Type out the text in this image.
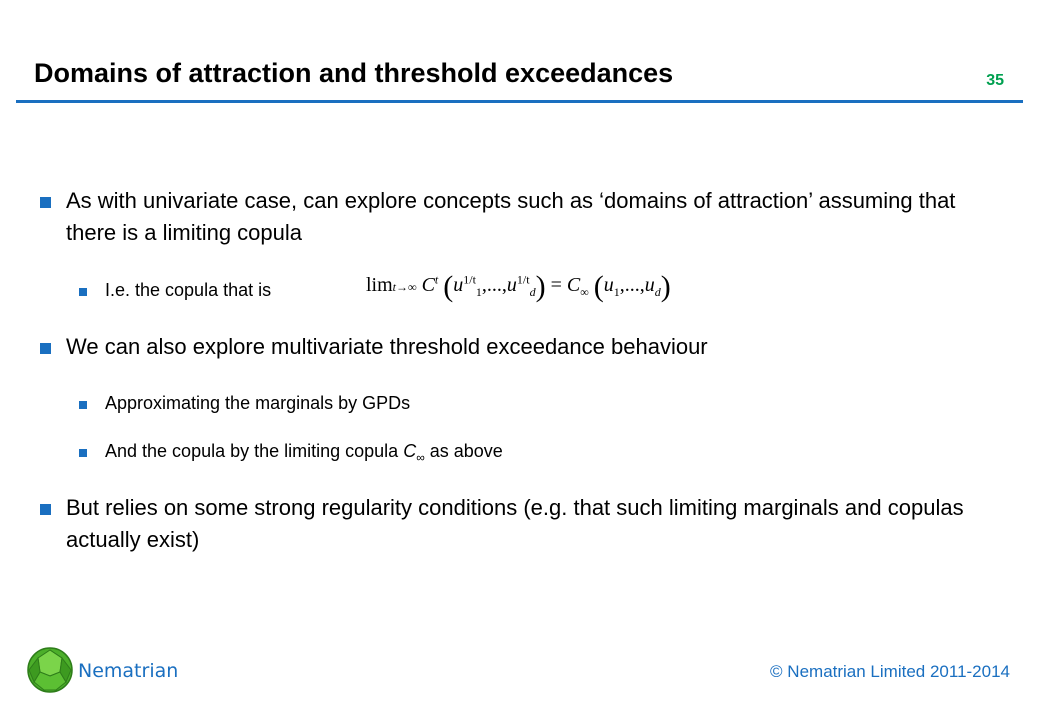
Domains of attraction and threshold exceedances	35
As with univariate case, can explore concepts such as ‘domains of attraction’ assuming that there is a limiting copula
I.e. the copula that is	limt→∞ $C^t$ $(u^{1/t}_1,...,u^{1/t}_d) = C_\infty$ $(u_1,...,u_d)$
We can also explore multivariate threshold exceedance behaviour
Approximating the marginals by GPDs
And the copula by the limiting copula $C_\infty$ as above
But relies on some strong regularity conditions (e.g. that such limiting marginals and copulas actually exist)
Nematrian	© Nematrian Limited 2011-2014
